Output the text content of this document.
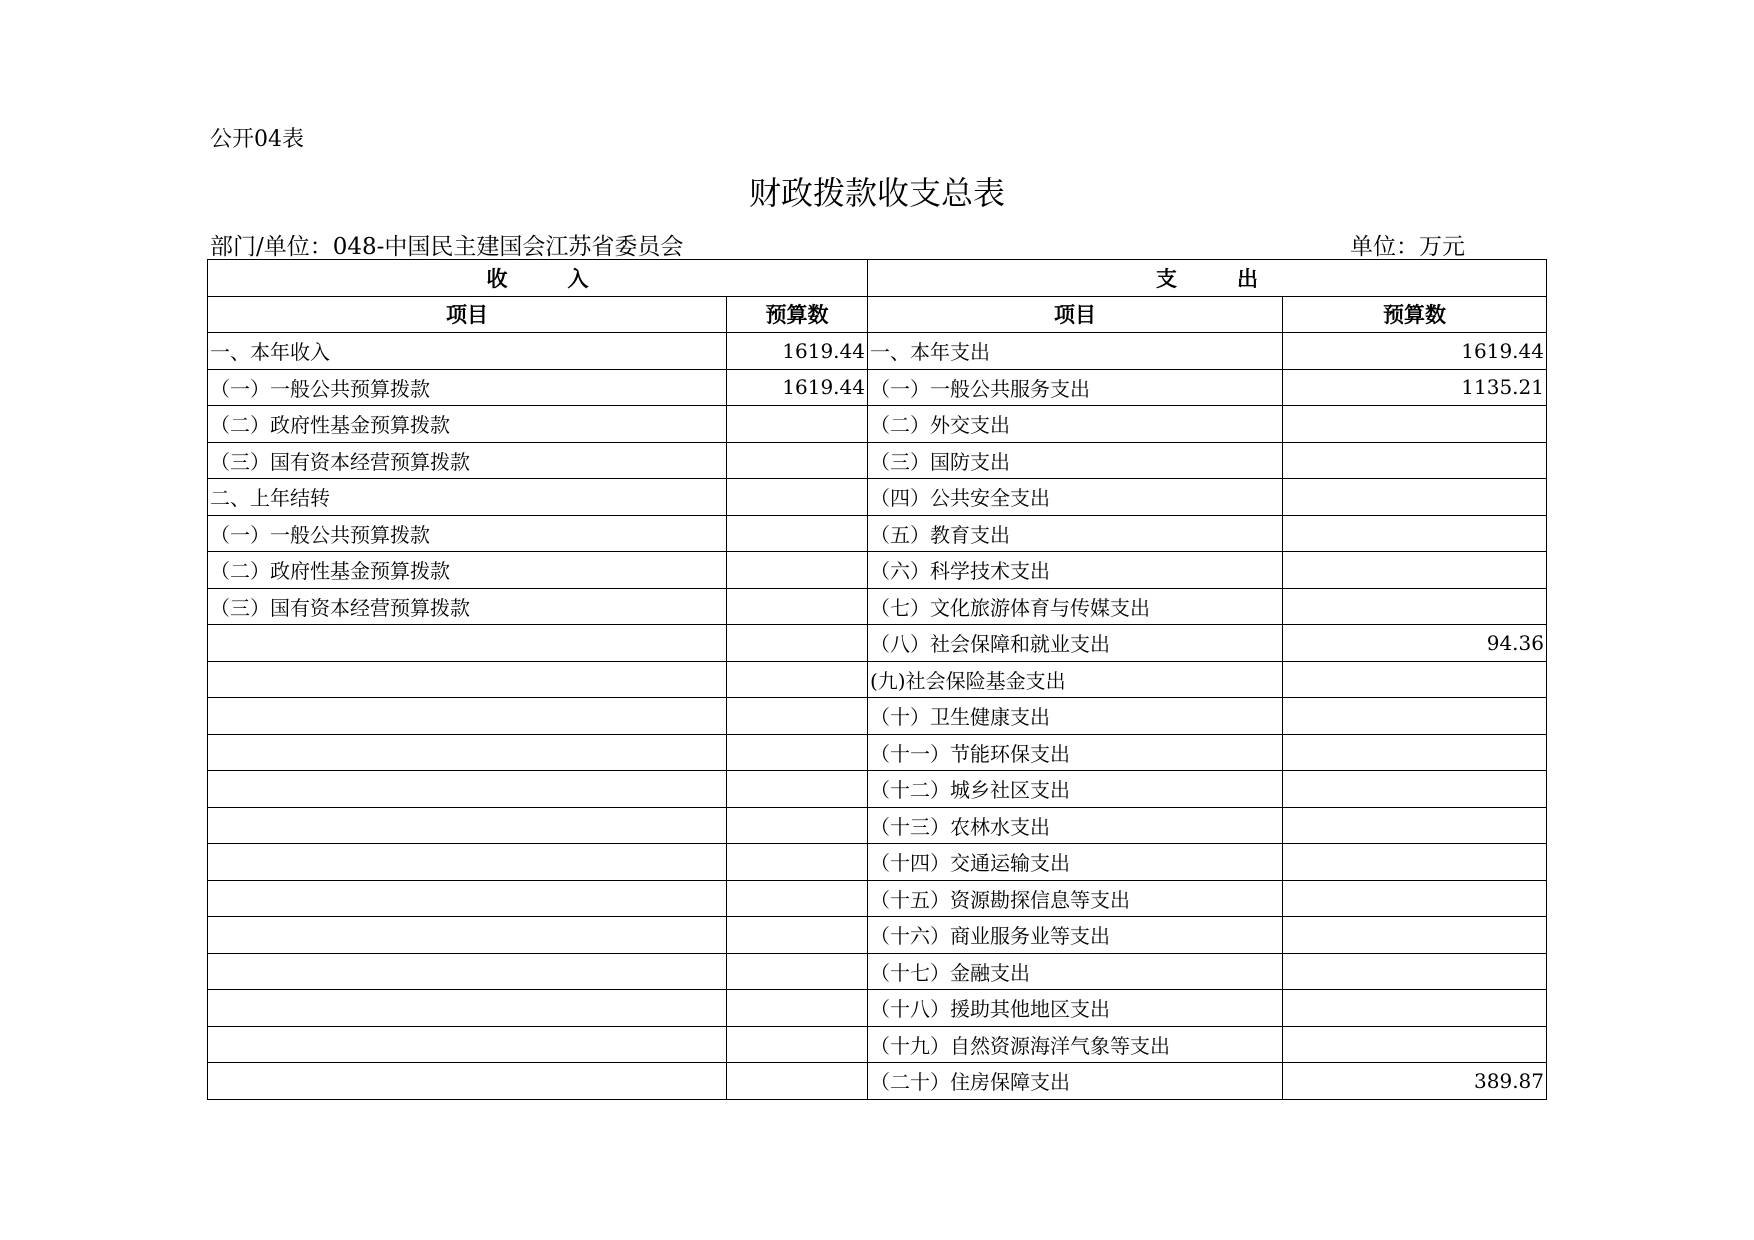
公开04表
财政拨款收支总表
部门/单位：048-中国民主建国会江苏省委员会	单位：万元
收 入		支 出	
项目	预算数	项目	预算数
一、本年收入	1619.44	一、本年支出	1619.44
（一）一般公共预算拨款	1619.44	（一）一般公共服务支出	1135.21
（二）政府性基金预算拨款		（二）外交支出	
（三）国有资本经营预算拨款		（三）国防支出	
二、上年结转		（四）公共安全支出	
（一）一般公共预算拨款		（五）教育支出	
（二）政府性基金预算拨款		（六）科学技术支出	
（三）国有资本经营预算拨款		（七）文化旅游体育与传媒支出	
		（八）社会保障和就业支出	94.36
		(九)社会保险基金支出	
		（十）卫生健康支出	
		（十一）节能环保支出	
		（十二）城乡社区支出	
		（十三）农林水支出	
		（十四）交通运输支出	
		（十五）资源勘探信息等支出	
		（十六）商业服务业等支出	
		（十七）金融支出	
		（十八）援助其他地区支出	
		（十九）自然资源海洋气象等支出	
		（二十）住房保障支出	389.87
